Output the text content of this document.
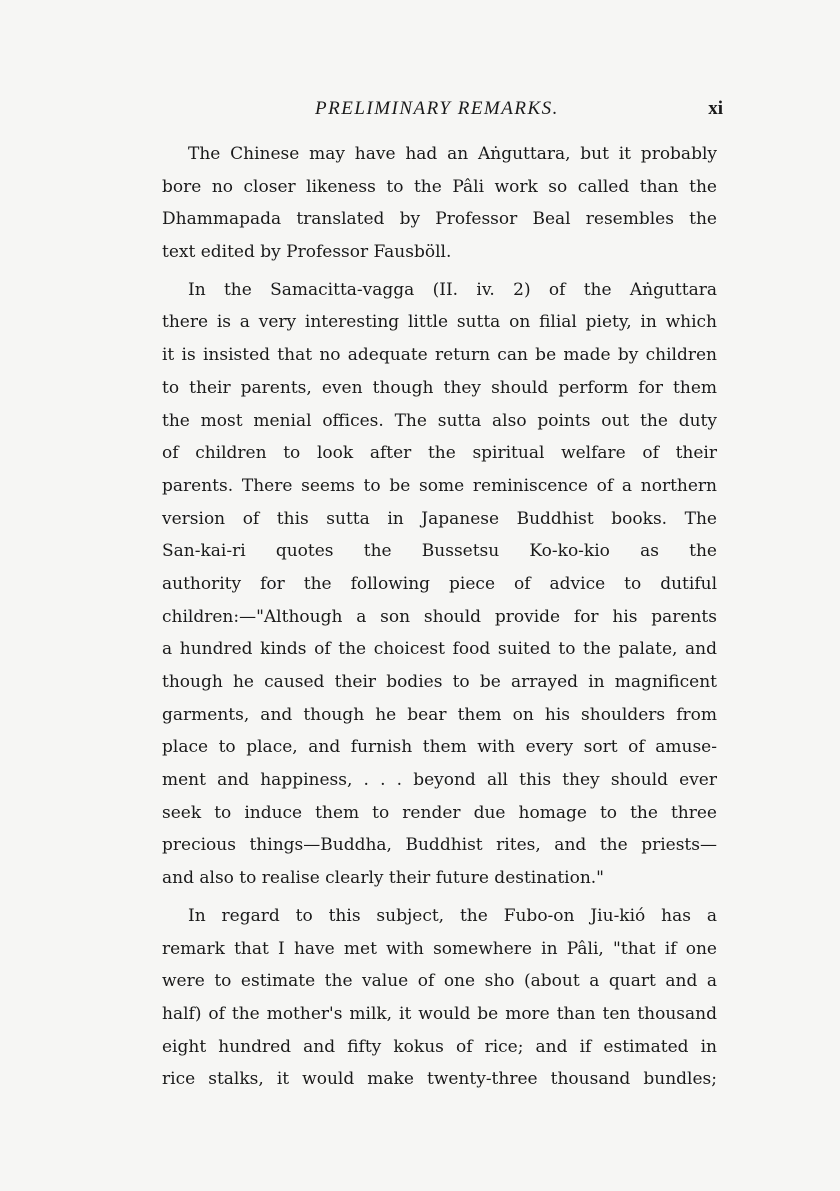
PRELIMINARY REMARKS.	xi
The Chinese may have had an Aṅguttara, but it probably
bore no closer likeness to the Pâli work so called than the
Dhammapada translated by Professor Beal resembles the
text edited by Professor Fausböll.
In the Samacitta-vagga (II. iv. 2) of the Aṅguttara
there is a very interesting little sutta on filial piety, in which
it is insisted that no adequate return can be made by children
to their parents, even though they should perform for them
the most menial offices. The sutta also points out the duty
of children to look after the spiritual welfare of their
parents. There seems to be some reminiscence of a northern
version of this sutta in Japanese Buddhist books. The
San-kai-ri quotes the Bussetsu Ko-ko-kio as the
authority for the following piece of advice to dutiful
children:—"Although a son should provide for his parents
a hundred kinds of the choicest food suited to the palate, and
though he caused their bodies to be arrayed in magnificent
garments, and though he bear them on his shoulders from
place to place, and furnish them with every sort of amuse-
ment and happiness, . . . beyond all this they should ever
seek to induce them to render due homage to the three
precious things—Buddha, Buddhist rites, and the priests—
and also to realise clearly their future destination."
In regard to this subject, the Fubo-on Jiu-kió has a
remark that I have met with somewhere in Pâli, "that if one
were to estimate the value of one sho (about a quart and a
half) of the mother's milk, it would be more than ten thousand
eight hundred and fifty kokus of rice; and if estimated in
rice stalks, it would make twenty-three thousand bundles;
